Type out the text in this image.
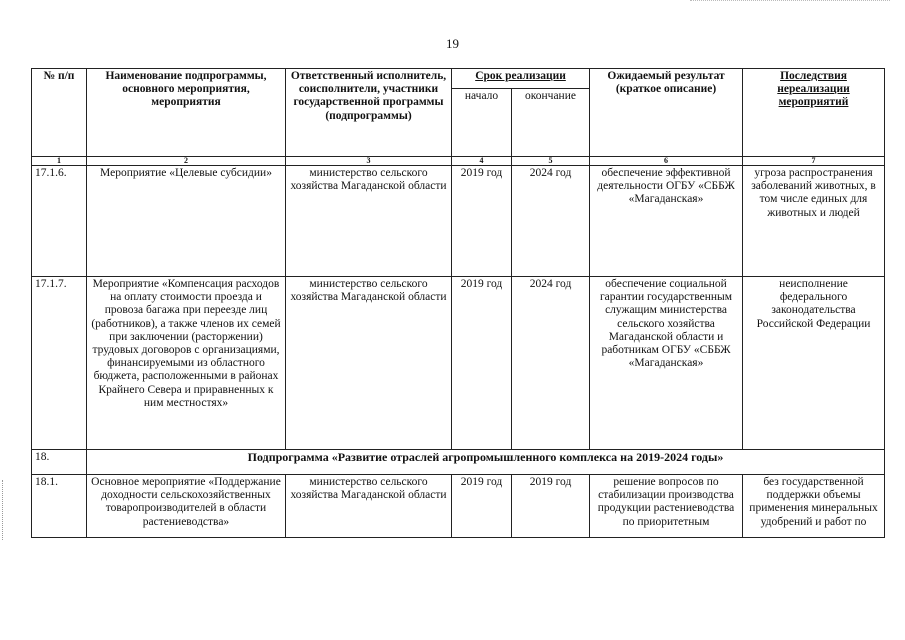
19
№ п/п	Наименование подпрограммы, основного мероприятия, мероприятия	Ответственный исполнитель, соисполнители, участники государственной программы (подпрограммы)	Срок реализации		Ожидаемый результат (краткое описание)	Последствия нереализации мероприятий
			начало	окончание		
1	2	3	4	5	6	7
17.1.6.	Мероприятие «Целевые субсидии»	министерство сельского хозяйства Магаданской области	2019 год	2024 год	обеспечение эффективной деятельности ОГБУ «СББЖ «Магаданская»	угроза распространения заболеваний животных, в том числе единых для животных и людей
17.1.7.	Мероприятие «Компенсация расходов на оплату стоимости проезда и провоза багажа при переезде лиц (работников), а также членов их семей при заключении (расторжении) трудовых договоров с организациями, финансируемыми из областного бюджета, расположенными в районах Крайнего Севера и приравненных к ним местностях»	министерство сельского хозяйства Магаданской области	2019 год	2024 год	обеспечение социальной гарантии государственным служащим министерства сельского хозяйства Магаданской области и работникам ОГБУ «СББЖ «Магаданская»	неисполнение федерального законодательства Российской Федерации
18.	Подпрограмма «Развитие отраслей агропромышленного комплекса на 2019-2024 годы»					
18.1.	Основное мероприятие «Поддержание доходности сельскохозяйственных товаропроизводителей в области растениеводства»	министерство сельского хозяйства Магаданской области	2019 год	2019 год	решение вопросов по стабилизации производства продукции растениеводства по приоритетным	без государственной поддержки объемы применения минеральных удобрений и работ по
